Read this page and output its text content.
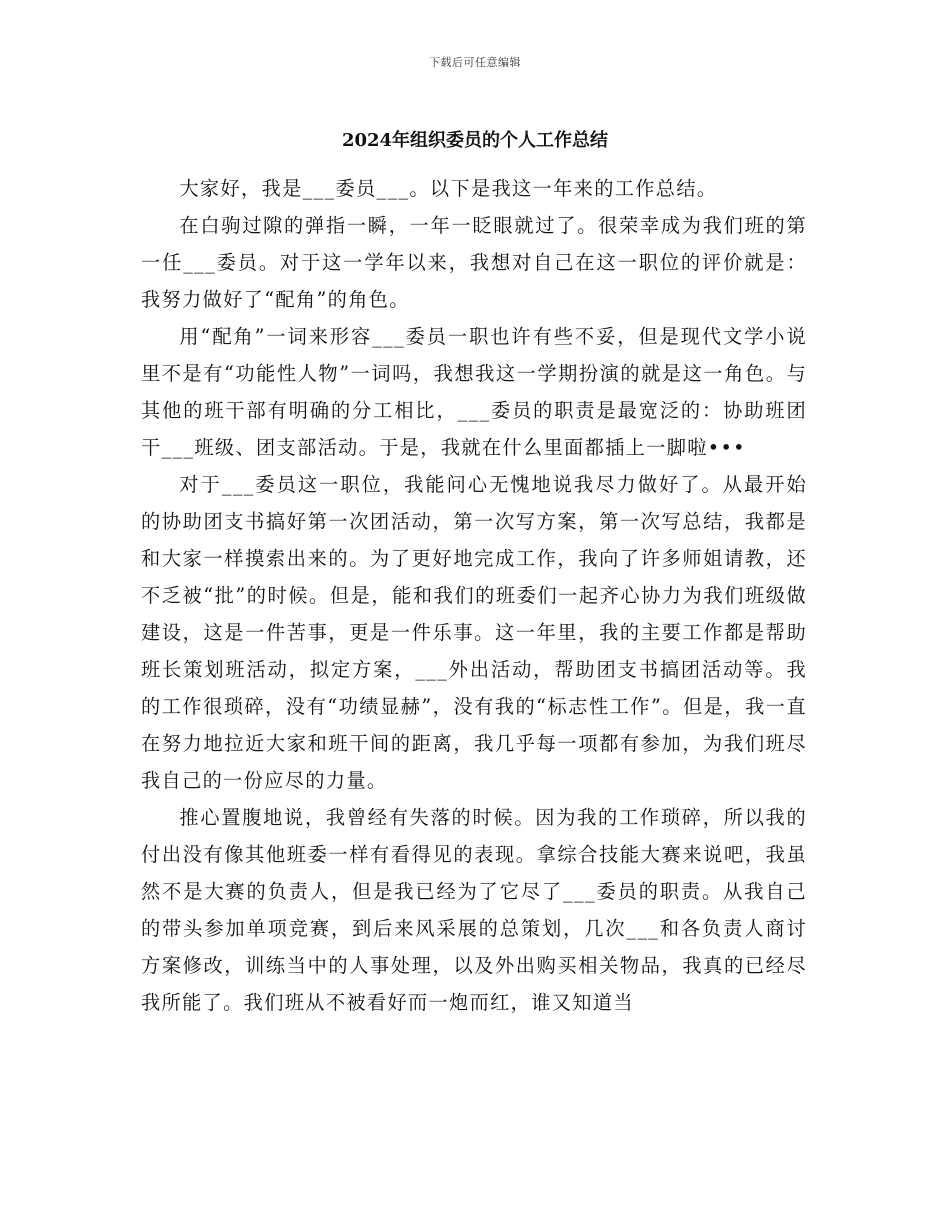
下载后可任意编辑
2024年组织委员的个人工作总结

大家好，我是___委员___。以下是我这一年来的工作总结。

在白驹过隙的弹指一瞬，一年一眨眼就过了。很荣幸成为我们班的第一任___委员。对于这一学年以来，我想对自己在这一职位的评价就是：我努力做好了“配角”的角色。

用“配角”一词来形容___委员一职也许有些不妥，但是现代文学小说里不是有“功能性人物”一词吗，我想我这一学期扮演的就是这一角色。与其他的班干部有明确的分工相比，___委员的职责是最宽泛的：协助班团干___班级、团支部活动。于是，我就在什么里面都插上一脚啦•••

对于___委员这一职位，我能问心无愧地说我尽力做好了。从最开始的协助团支书搞好第一次团活动，第一次写方案，第一次写总结，我都是和大家一样摸索出来的。为了更好地完成工作，我向了许多师姐请教，还不乏被“批”的时候。但是，能和我们的班委们一起齐心协力为我们班级做建设，这是一件苦事，更是一件乐事。这一年里，我的主要工作都是帮助班长策划班活动，拟定方案，___外出活动，帮助团支书搞团活动等。我的工作很琐碎，没有“功绩显赫”，没有我的“标志性工作”。但是，我一直在努力地拉近大家和班干间的距离，我几乎每一项都有参加，为我们班尽我自己的一份应尽的力量。

推心置腹地说，我曾经有失落的时候。因为我的工作琐碎，所以我的付出没有像其他班委一样有看得见的表现。拿综合技能大赛来说吧，我虽然不是大赛的负责人，但是我已经为了它尽了___委员的职责。从我自己的带头参加单项竞赛，到后来风采展的总策划，几次___和各负责人商讨方案修改，训练当中的人事处理，以及外出购买相关物品，我真的已经尽我所能了。我们班从不被看好而一炮而红，谁又知道当
